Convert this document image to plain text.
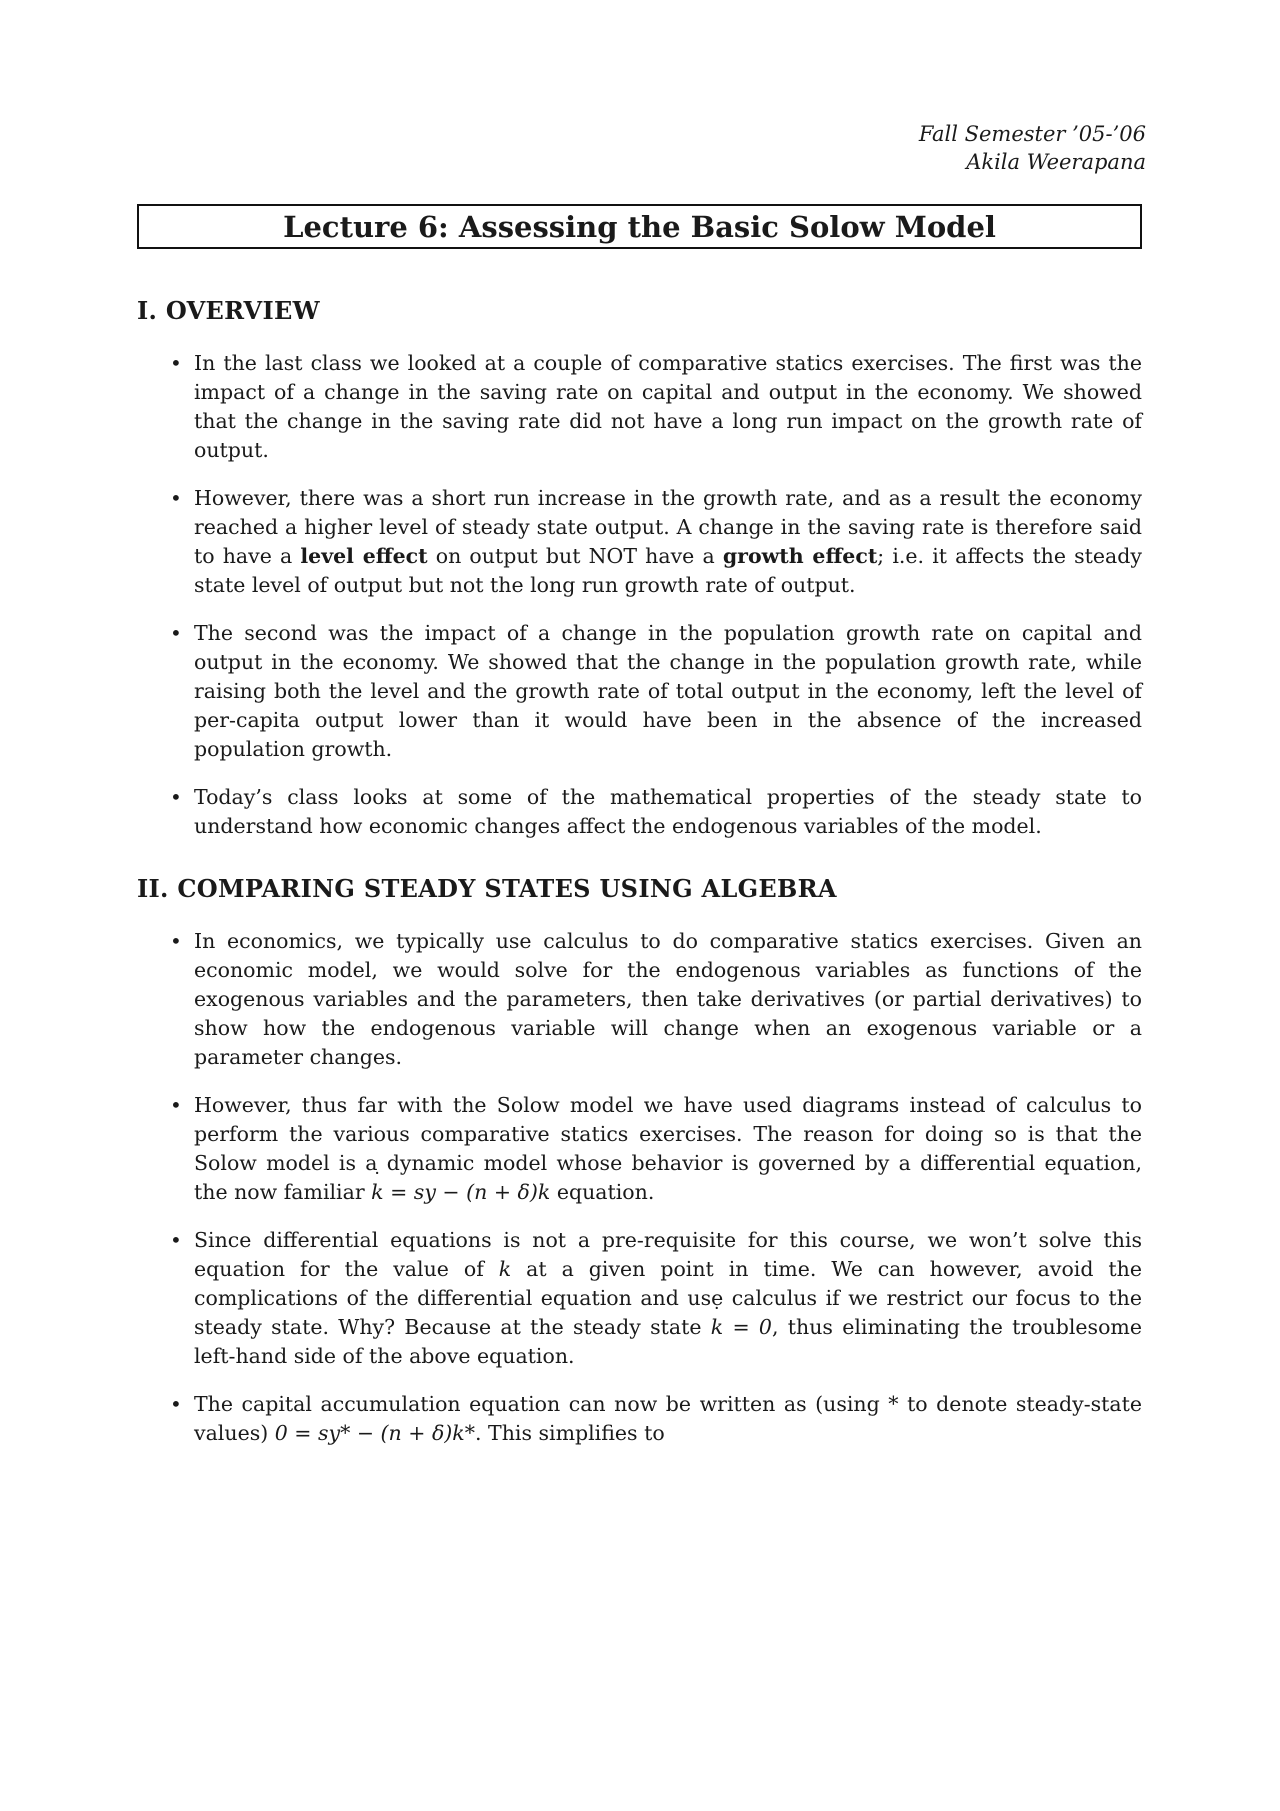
Fall Semester ’05-’06
Akila Weerapana
Lecture 6: Assessing the Basic Solow Model
I. OVERVIEW
• In the last class we looked at a couple of comparative statics exercises. The first was the impact of a change in the saving rate on capital and output in the economy. We showed that the change in the saving rate did not have a long run impact on the growth rate of output.
• However, there was a short run increase in the growth rate, and as a result the economy reached a higher level of steady state output. A change in the saving rate is therefore said to have a level effect on output but NOT have a growth effect; i.e. it affects the steady state level of output but not the long run growth rate of output.
• The second was the impact of a change in the population growth rate on capital and output in the economy. We showed that the change in the population growth rate, while raising both the level and the growth rate of total output in the economy, left the level of per-capita output lower than it would have been in the absence of the increased population growth.
• Today’s class looks at some of the mathematical properties of the steady state to understand how economic changes affect the endogenous variables of the model.
II. COMPARING STEADY STATES USING ALGEBRA
• In economics, we typically use calculus to do comparative statics exercises. Given an economic model, we would solve for the endogenous variables as functions of the exogenous variables and the parameters, then take derivatives (or partial derivatives) to show how the endogenous variable will change when an exogenous variable or a parameter changes.
• However, thus far with the Solow model we have used diagrams instead of calculus to perform the various comparative statics exercises. The reason for doing so is that the Solow model is a dynamic model whose behavior is governed by a differential equation, the now familiar k ˙ = sy − (n + δ)k equation.
• Since differential equations is not a pre-requisite for this course, we won’t solve this equation for the value of k at a given point in time. We can however, avoid the complications of the differential equation and use calculus if we restrict our focus to the steady state. Why? Because at the steady state k ˙ = 0, thus eliminating the troublesome left-hand side of the above equation.
• The capital accumulation equation can now be written as (using * to denote steady-state values) 0 = sy* − (n + δ)k*. This simplifies to
